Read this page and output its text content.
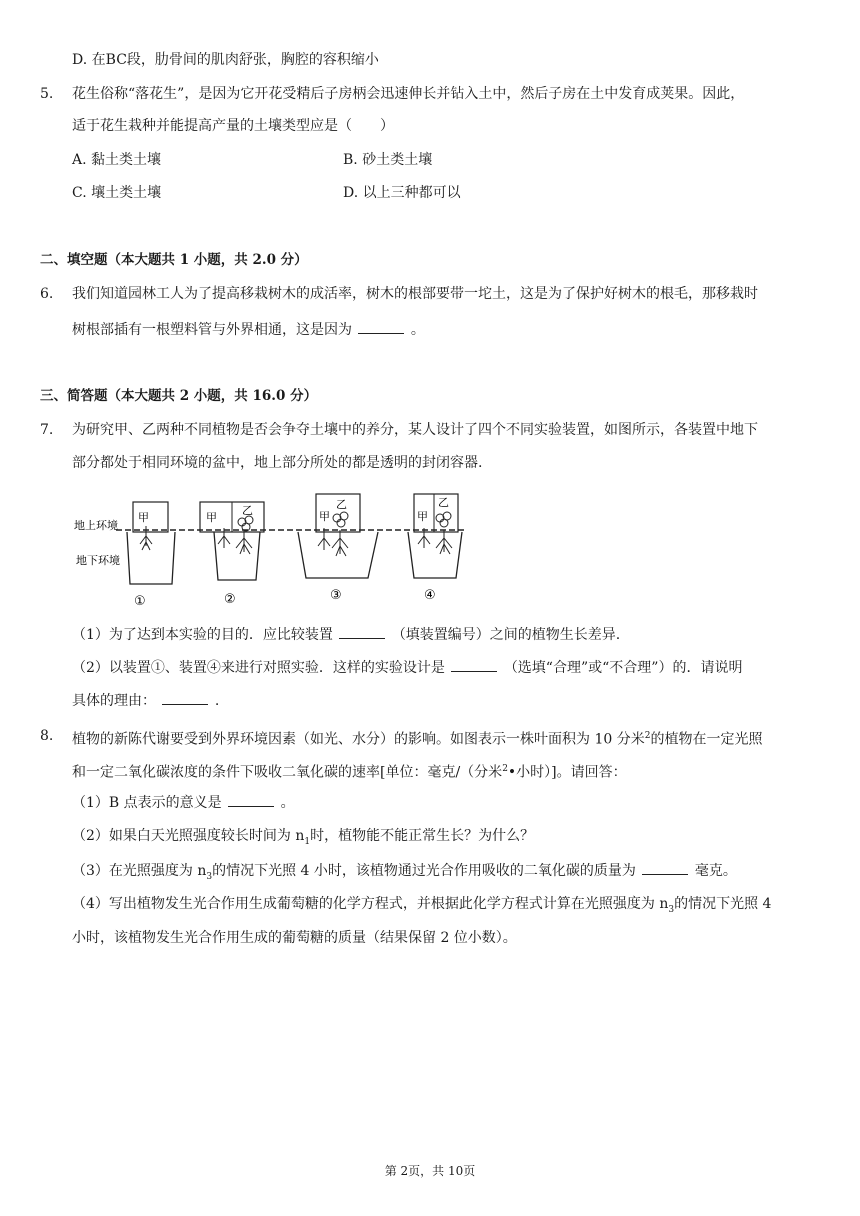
D. 在BC段，肋骨间的肌肉舒张，胸腔的容积缩小
5. 花生俗称“落花生”，是因为它开花受精后子房柄会迅速伸长并钻入土中，然后子房在土中发育成荚果。因此，
适于花生栽种并能提高产量的土壤类型应是（　　）
A. 黏土类土壤	B. 砂土类土壤
C. 壤土类土壤	D. 以上三种都可以
二、填空题（本大题共 1 小题，共 2.0 分）
6. 我们知道园林工人为了提高移栽树木的成活率，树木的根部要带一坨土，这是为了保护好树木的根毛，那移栽时
树根部插有一根塑料管与外界相通，这是因为	。
三、简答题（本大题共 2 小题，共 16.0 分）
7. 为研究甲、乙两种不同植物是否会争夺土壤中的养分，某人设计了四个不同实验装置，如图所示，各装置中地下
部分都处于相同环境的盆中，地上部分所处的都是透明的封闭容器.
地上环境
地下环境
甲	甲
乙	乙
甲
乙
甲
①	②	③	④
（1）为了达到本实验的目的．应比较装置	（填装置编号）之间的植物生长差异.
（2）以装置①、装置④来进行对照实验．这样的实验设计是	（选填“合理”或“不合理”）的．请说明
具体的理由：	.
8. 植物的新陈代谢要受到外界环境因素（如光、水分）的影响。如图表示一株叶面积为 10 分米$^2$的植物在一定光照
和一定二氧化碳浓度的条件下吸收二氧化碳的速率[单位：毫克/（分米$^2$•小时）]。请回答：
（1）B 点表示的意义是	。
（2）如果白天光照强度较长时间为 $n_1$时，植物能不能正常生长？为什么？
（3）在光照强度为 $n_3$的情况下光照 4 小时，该植物通过光合作用吸收的二氧化碳的质量为	毫克。
（4）写出植物发生光合作用生成葡萄糖的化学方程式，并根据此化学方程式计算在光照强度为 $n_3$的情况下光照 4
小时，该植物发生光合作用生成的葡萄糖的质量（结果保留 2 位小数）。
第 2页，共 10页
